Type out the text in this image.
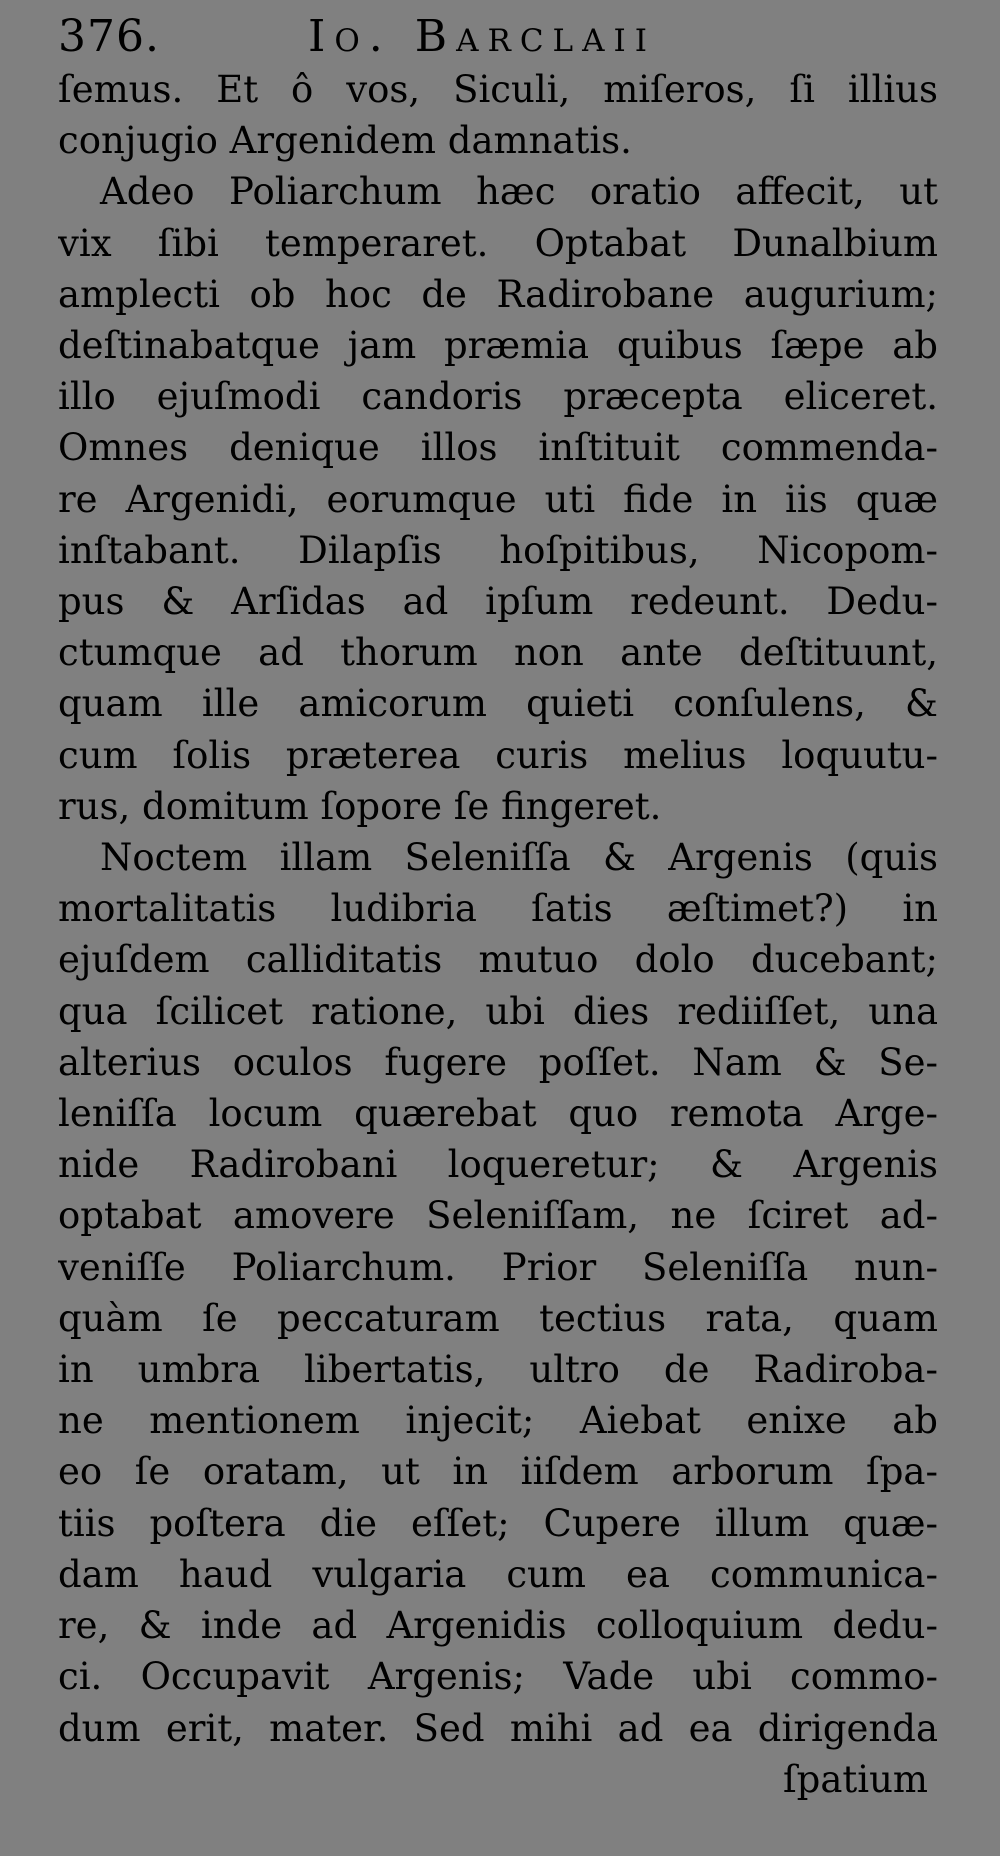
376.	Io. Barclaii
ſemus. Et ô vos, Siculi, miſeros, ſi illius
conjugio Argenidem damnatis.
Adeo Poliarchum hæc oratio affecit, ut
vix ſibi temperaret. Optabat Dunalbium
amplecti ob hoc de Radirobane augurium;
deſtinabatque jam præmia quibus ſæpe ab
illo ejuſmodi candoris præcepta eliceret.
Omnes denique illos inſtituit commenda-
re Argenidi, eorumque uti fide in iis quæ
inſtabant. Dilapſis hoſpitibus, Nicopom-
pus & Arſidas ad ipſum redeunt. Dedu-
ctumque ad thorum non ante deſtituunt,
quam ille amicorum quieti conſulens, &
cum ſolis præterea curis melius loquutu-
rus, domitum ſopore ſe fingeret.
Noctem illam Seleniſſa & Argenis (quis
mortalitatis ludibria ſatis æſtimet?) in
ejuſdem calliditatis mutuo dolo ducebant;
qua ſcilicet ratione, ubi dies rediiſſet, una
alterius oculos fugere poſſet. Nam & Se-
leniſſa locum quærebat quo remota Arge-
nide Radirobani loqueretur; & Argenis
optabat amovere Seleniſſam, ne ſciret ad-
veniſſe Poliarchum. Prior Seleniſſa nun-
quàm ſe peccaturam tectius rata, quam
in umbra libertatis, ultro de Radiroba-
ne mentionem injecit; Aiebat enixe ab
eo ſe oratam, ut in iiſdem arborum ſpa-
tiis poſtera die eſſet; Cupere illum quæ-
dam haud vulgaria cum ea communica-
re, & inde ad Argenidis colloquium dedu-
ci. Occupavit Argenis; Vade ubi commo-
dum erit, mater. Sed mihi ad ea dirigenda
ſpatium
